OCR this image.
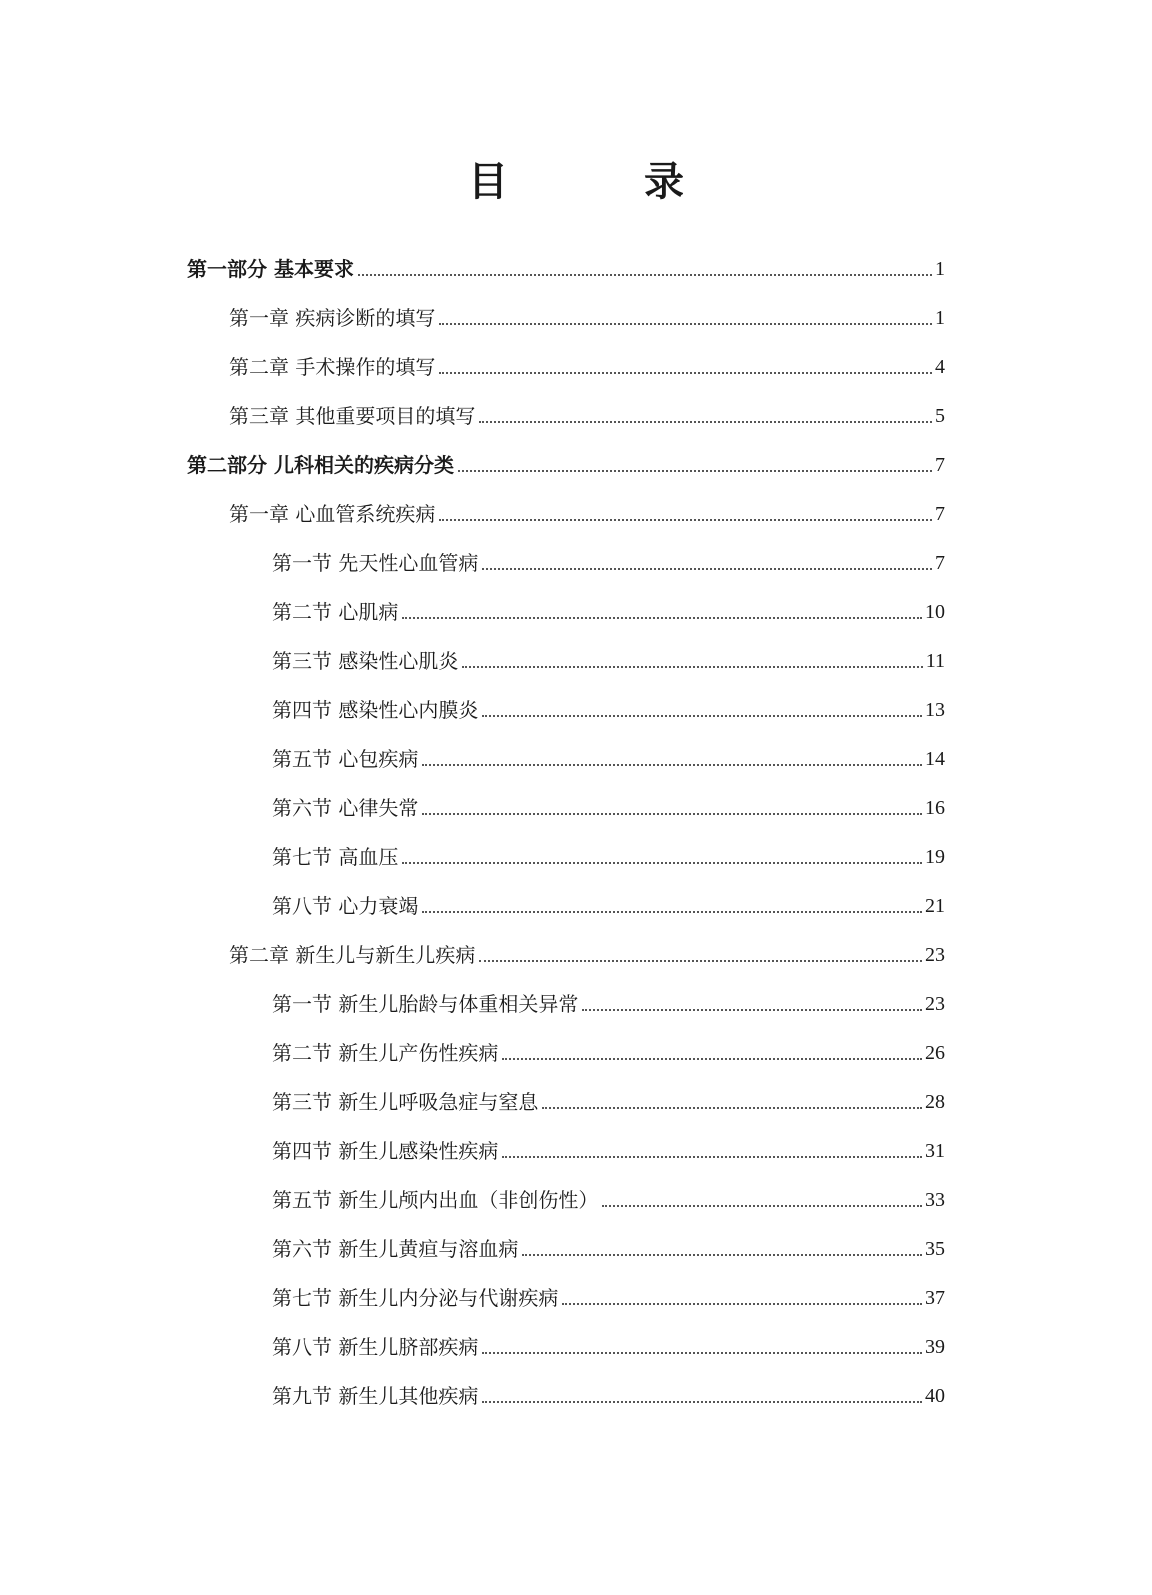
目　录
第一部分 基本要求	1
第一章 疾病诊断的填写	1
第二章 手术操作的填写	4
第三章 其他重要项目的填写	5
第二部分 儿科相关的疾病分类	7
第一章 心血管系统疾病	7
第一节 先天性心血管病	7
第二节 心肌病	10
第三节 感染性心肌炎	11
第四节 感染性心内膜炎	13
第五节 心包疾病	14
第六节 心律失常	16
第七节 高血压	19
第八节 心力衰竭	21
第二章 新生儿与新生儿疾病	23
第一节 新生儿胎龄与体重相关异常	23
第二节 新生儿产伤性疾病	26
第三节 新生儿呼吸急症与窒息	28
第四节 新生儿感染性疾病	31
第五节 新生儿颅内出血（非创伤性）	33
第六节 新生儿黄疸与溶血病	35
第七节 新生儿内分泌与代谢疾病	37
第八节 新生儿脐部疾病	39
第九节 新生儿其他疾病	40
